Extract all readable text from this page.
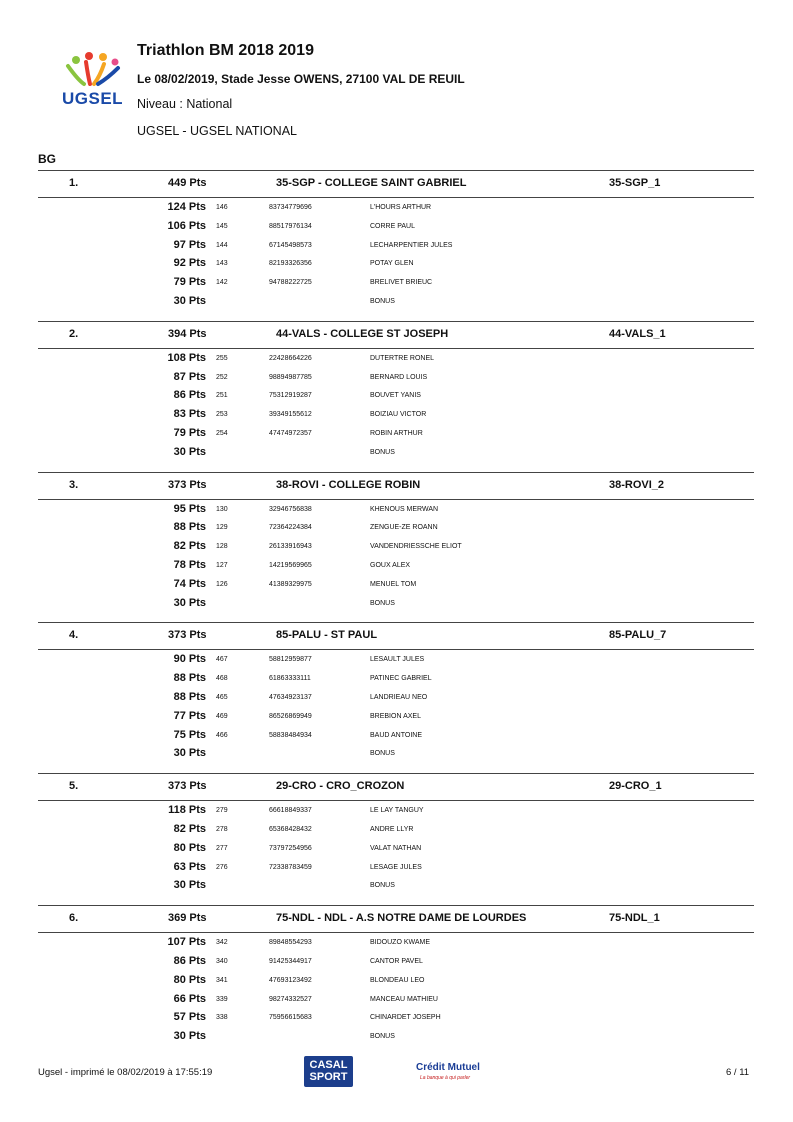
UGSEL
Triathlon BM 2018 2019
Le 08/02/2019, Stade Jesse OWENS, 27100 VAL DE REUIL
Niveau : National
UGSEL - UGSEL NATIONAL
BG
1.	449 Pts	35-SGP - COLLEGE SAINT GABRIEL	35-SGP_1
124 Pts 146	83734779696	L'HOURS ARTHUR
106 Pts 145	88517976134	CORRE PAUL
97 Pts 144	67145498573	LECHARPENTIER JULES
92 Pts 143	82193326356	POTAY GLEN
79 Pts 142	94788222725	BRELIVET BRIEUC
30 Pts	BONUS
2.	394 Pts	44-VALS - COLLEGE ST JOSEPH	44-VALS_1
108 Pts 255	22428664226	DUTERTRE RONEL
87 Pts 252	98894987785	BERNARD LOUIS
86 Pts 251	75312919287	BOUVET YANIS
83 Pts 253	39349155612	BOIZIAU VICTOR
79 Pts 254	47474972357	ROBIN ARTHUR
30 Pts	BONUS
3.	373 Pts	38-ROVI - COLLEGE ROBIN	38-ROVI_2
95 Pts 130	32946756838	KHENOUS MERWAN
88 Pts 129	72364224384	ZENGUE-ZE ROANN
82 Pts 128	26133916943	VANDENDRIESSCHE ELIOT
78 Pts 127	14219569965	GOUX ALEX
74 Pts 126	41389329975	MENUEL TOM
30 Pts	BONUS
4.	373 Pts	85-PALU - ST PAUL	85-PALU_7
90 Pts 467	58812959877	LESAULT JULES
88 Pts 468	61863333111	PATINEC GABRIEL
88 Pts 465	47634923137	LANDRIEAU NEO
77 Pts 469	86526869949	BREBION AXEL
75 Pts 466	58838484934	BAUD ANTOINE
30 Pts	BONUS
5.	373 Pts	29-CRO - CRO_CROZON	29-CRO_1
118 Pts 279	66618849337	LE LAY TANGUY
82 Pts 278	65368428432	ANDRE LLYR
80 Pts 277	73797254956	VALAT NATHAN
63 Pts 276	72338783459	LESAGE JULES
30 Pts	BONUS
6.	369 Pts	75-NDL - NDL - A.S NOTRE DAME DE LOURDES	75-NDL_1
107 Pts 342	89848554293	BIDOUZO KWAME
86 Pts 340	91425344917	CANTOR PAVEL
80 Pts 341	47693123492	BLONDEAU LEO
66 Pts 339	98274332527	MANCEAU MATHIEU
57 Pts 338	75956615683	CHINARDET JOSEPH
30 Pts	BONUS
Ugsel - imprimé le 08/02/2019 à 17:55:19
CASAL SPORT
Crédit Mutuel
La banque à qui parler	6 / 11
